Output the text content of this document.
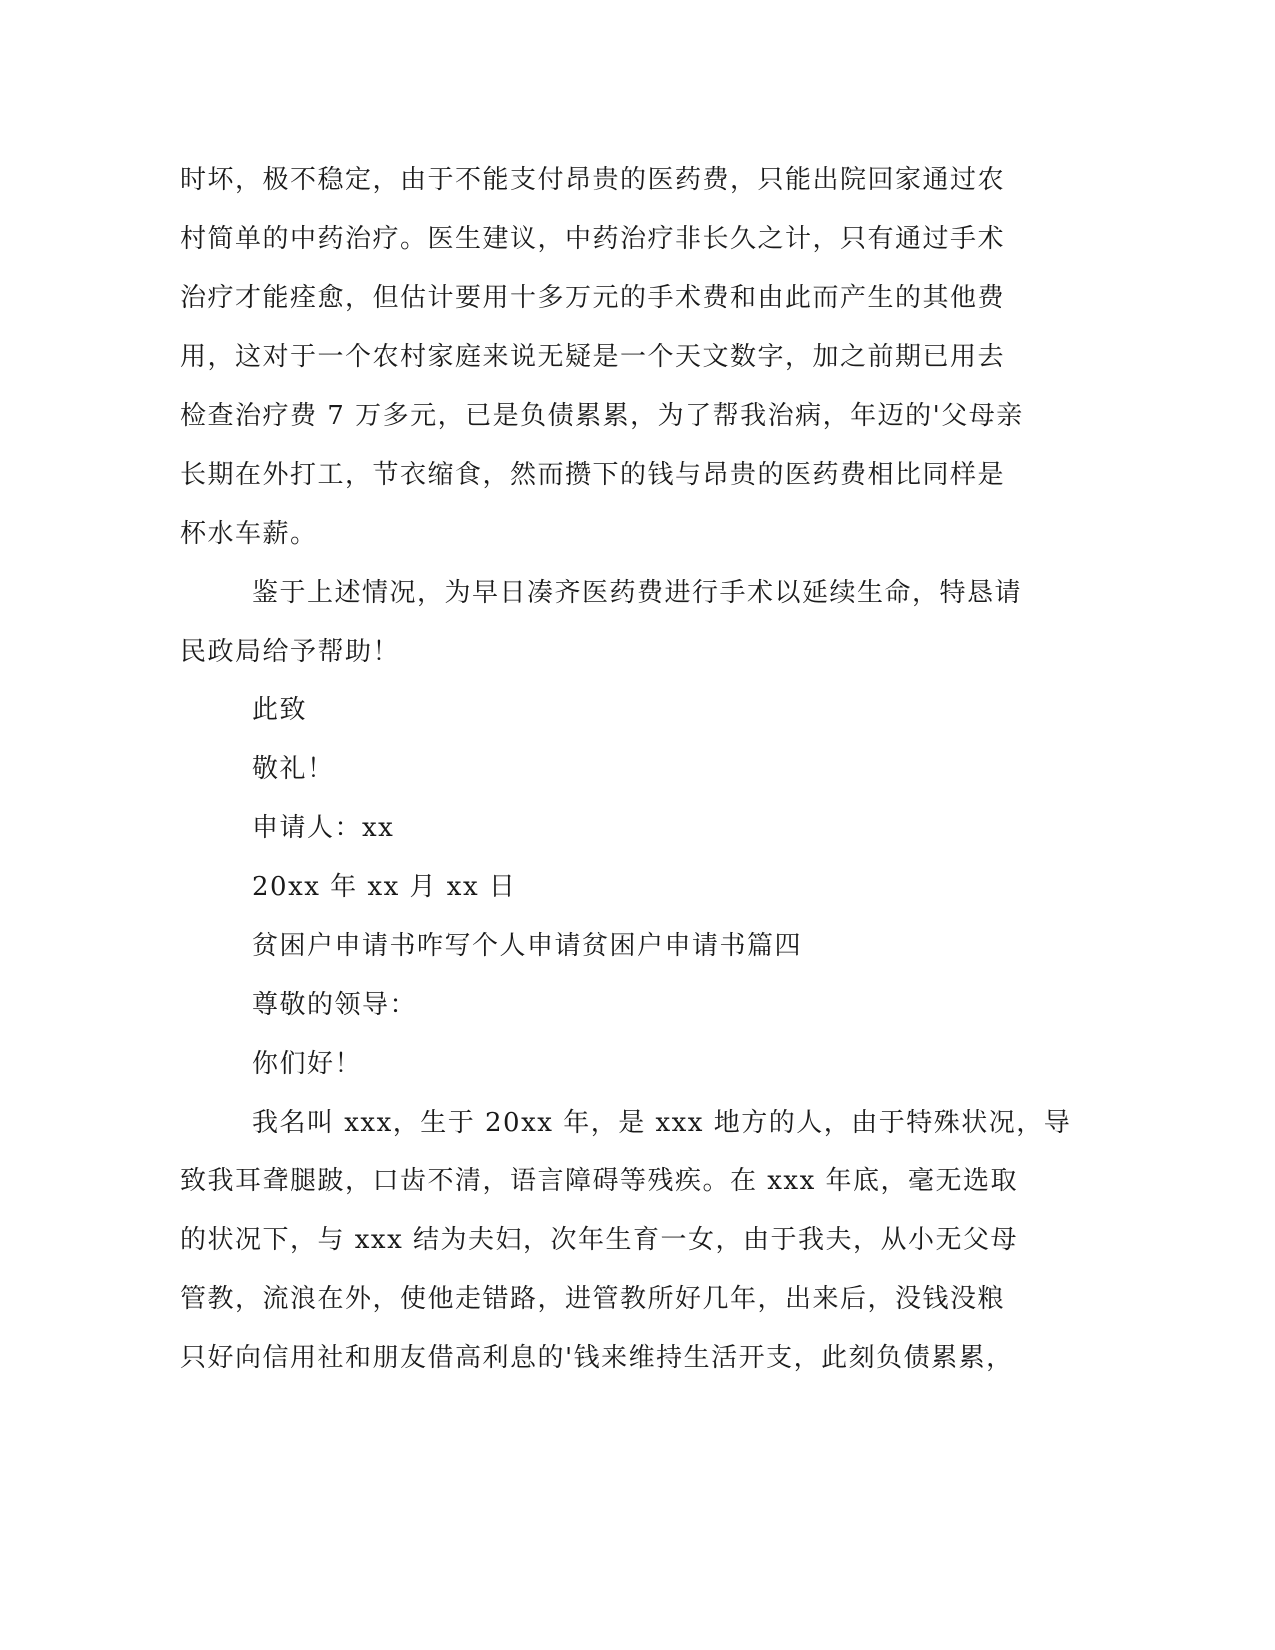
时坏，极不稳定，由于不能支付昂贵的医药费，只能出院回家通过农
村简单的中药治疗。医生建议，中药治疗非长久之计，只有通过手术
治疗才能痊愈，但估计要用十多万元的手术费和由此而产生的其他费
用，这对于一个农村家庭来说无疑是一个天文数字，加之前期已用去
检查治疗费 7 万多元，已是负债累累，为了帮我治病，年迈的'父母亲
长期在外打工，节衣缩食，然而攒下的钱与昂贵的医药费相比同样是
杯水车薪。
鉴于上述情况，为早日凑齐医药费进行手术以延续生命，特恳请
民政局给予帮助！
此致
敬礼！
申请人：xx
20xx 年 xx 月 xx 日
贫困户申请书咋写个人申请贫困户申请书篇四
尊敬的领导：
你们好！
我名叫 xxx，生于 20xx 年，是 xxx 地方的人，由于特殊状况，导
致我耳聋腿跛，口齿不清，语言障碍等残疾。在 xxx 年底，毫无选取
的状况下，与 xxx 结为夫妇，次年生育一女，由于我夫，从小无父母
管教，流浪在外，使他走错路，进管教所好几年，出来后，没钱没粮
只好向信用社和朋友借高利息的'钱来维持生活开支，此刻负债累累，
